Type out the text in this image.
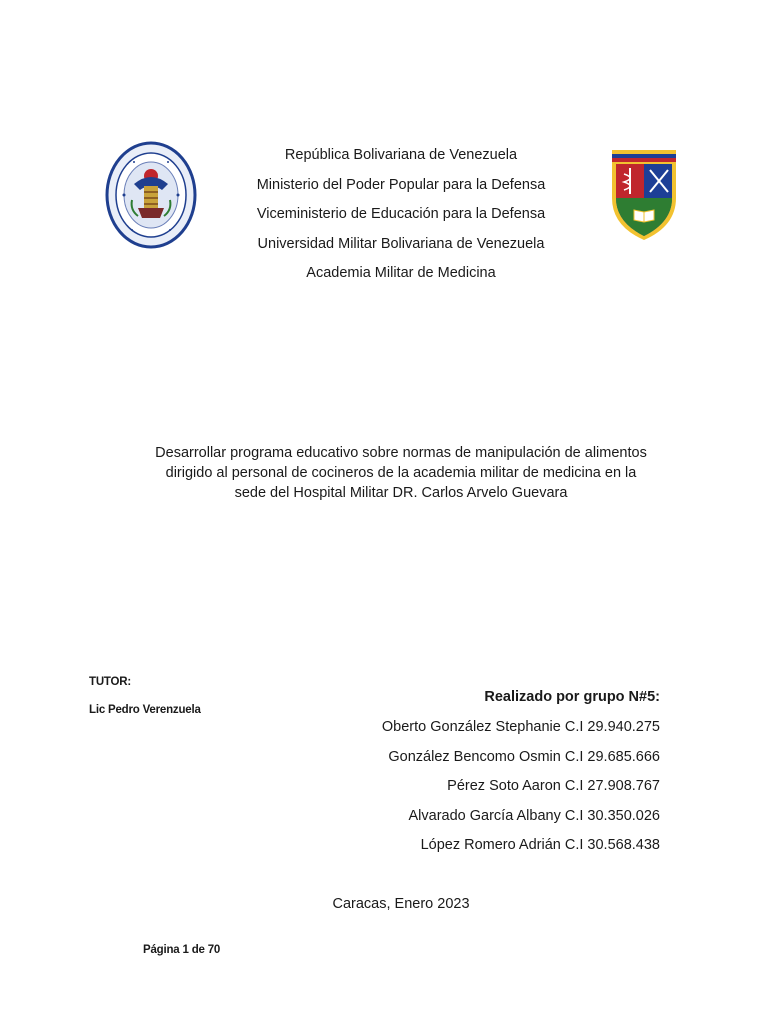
República Bolivariana de Venezuela
Ministerio del Poder Popular para la Defensa
Viceministerio de Educación para la Defensa
Universidad Militar Bolivariana de Venezuela
Academia Militar de Medicina
Desarrollar programa educativo sobre normas de manipulación de alimentos
dirigido al personal de cocineros de la academia militar de medicina en la
sede del Hospital Militar DR. Carlos Arvelo Guevara
TUTOR:
Lic Pedro Verenzuela
Realizado por grupo N#5:
Oberto González Stephanie C.I 29.940.275
González Bencomo Osmin C.I 29.685.666
Pérez Soto Aaron C.I 27.908.767
Alvarado García Albany C.I 30.350.026
López Romero Adrián C.I 30.568.438
Caracas, Enero 2023
Página 1 de 70
